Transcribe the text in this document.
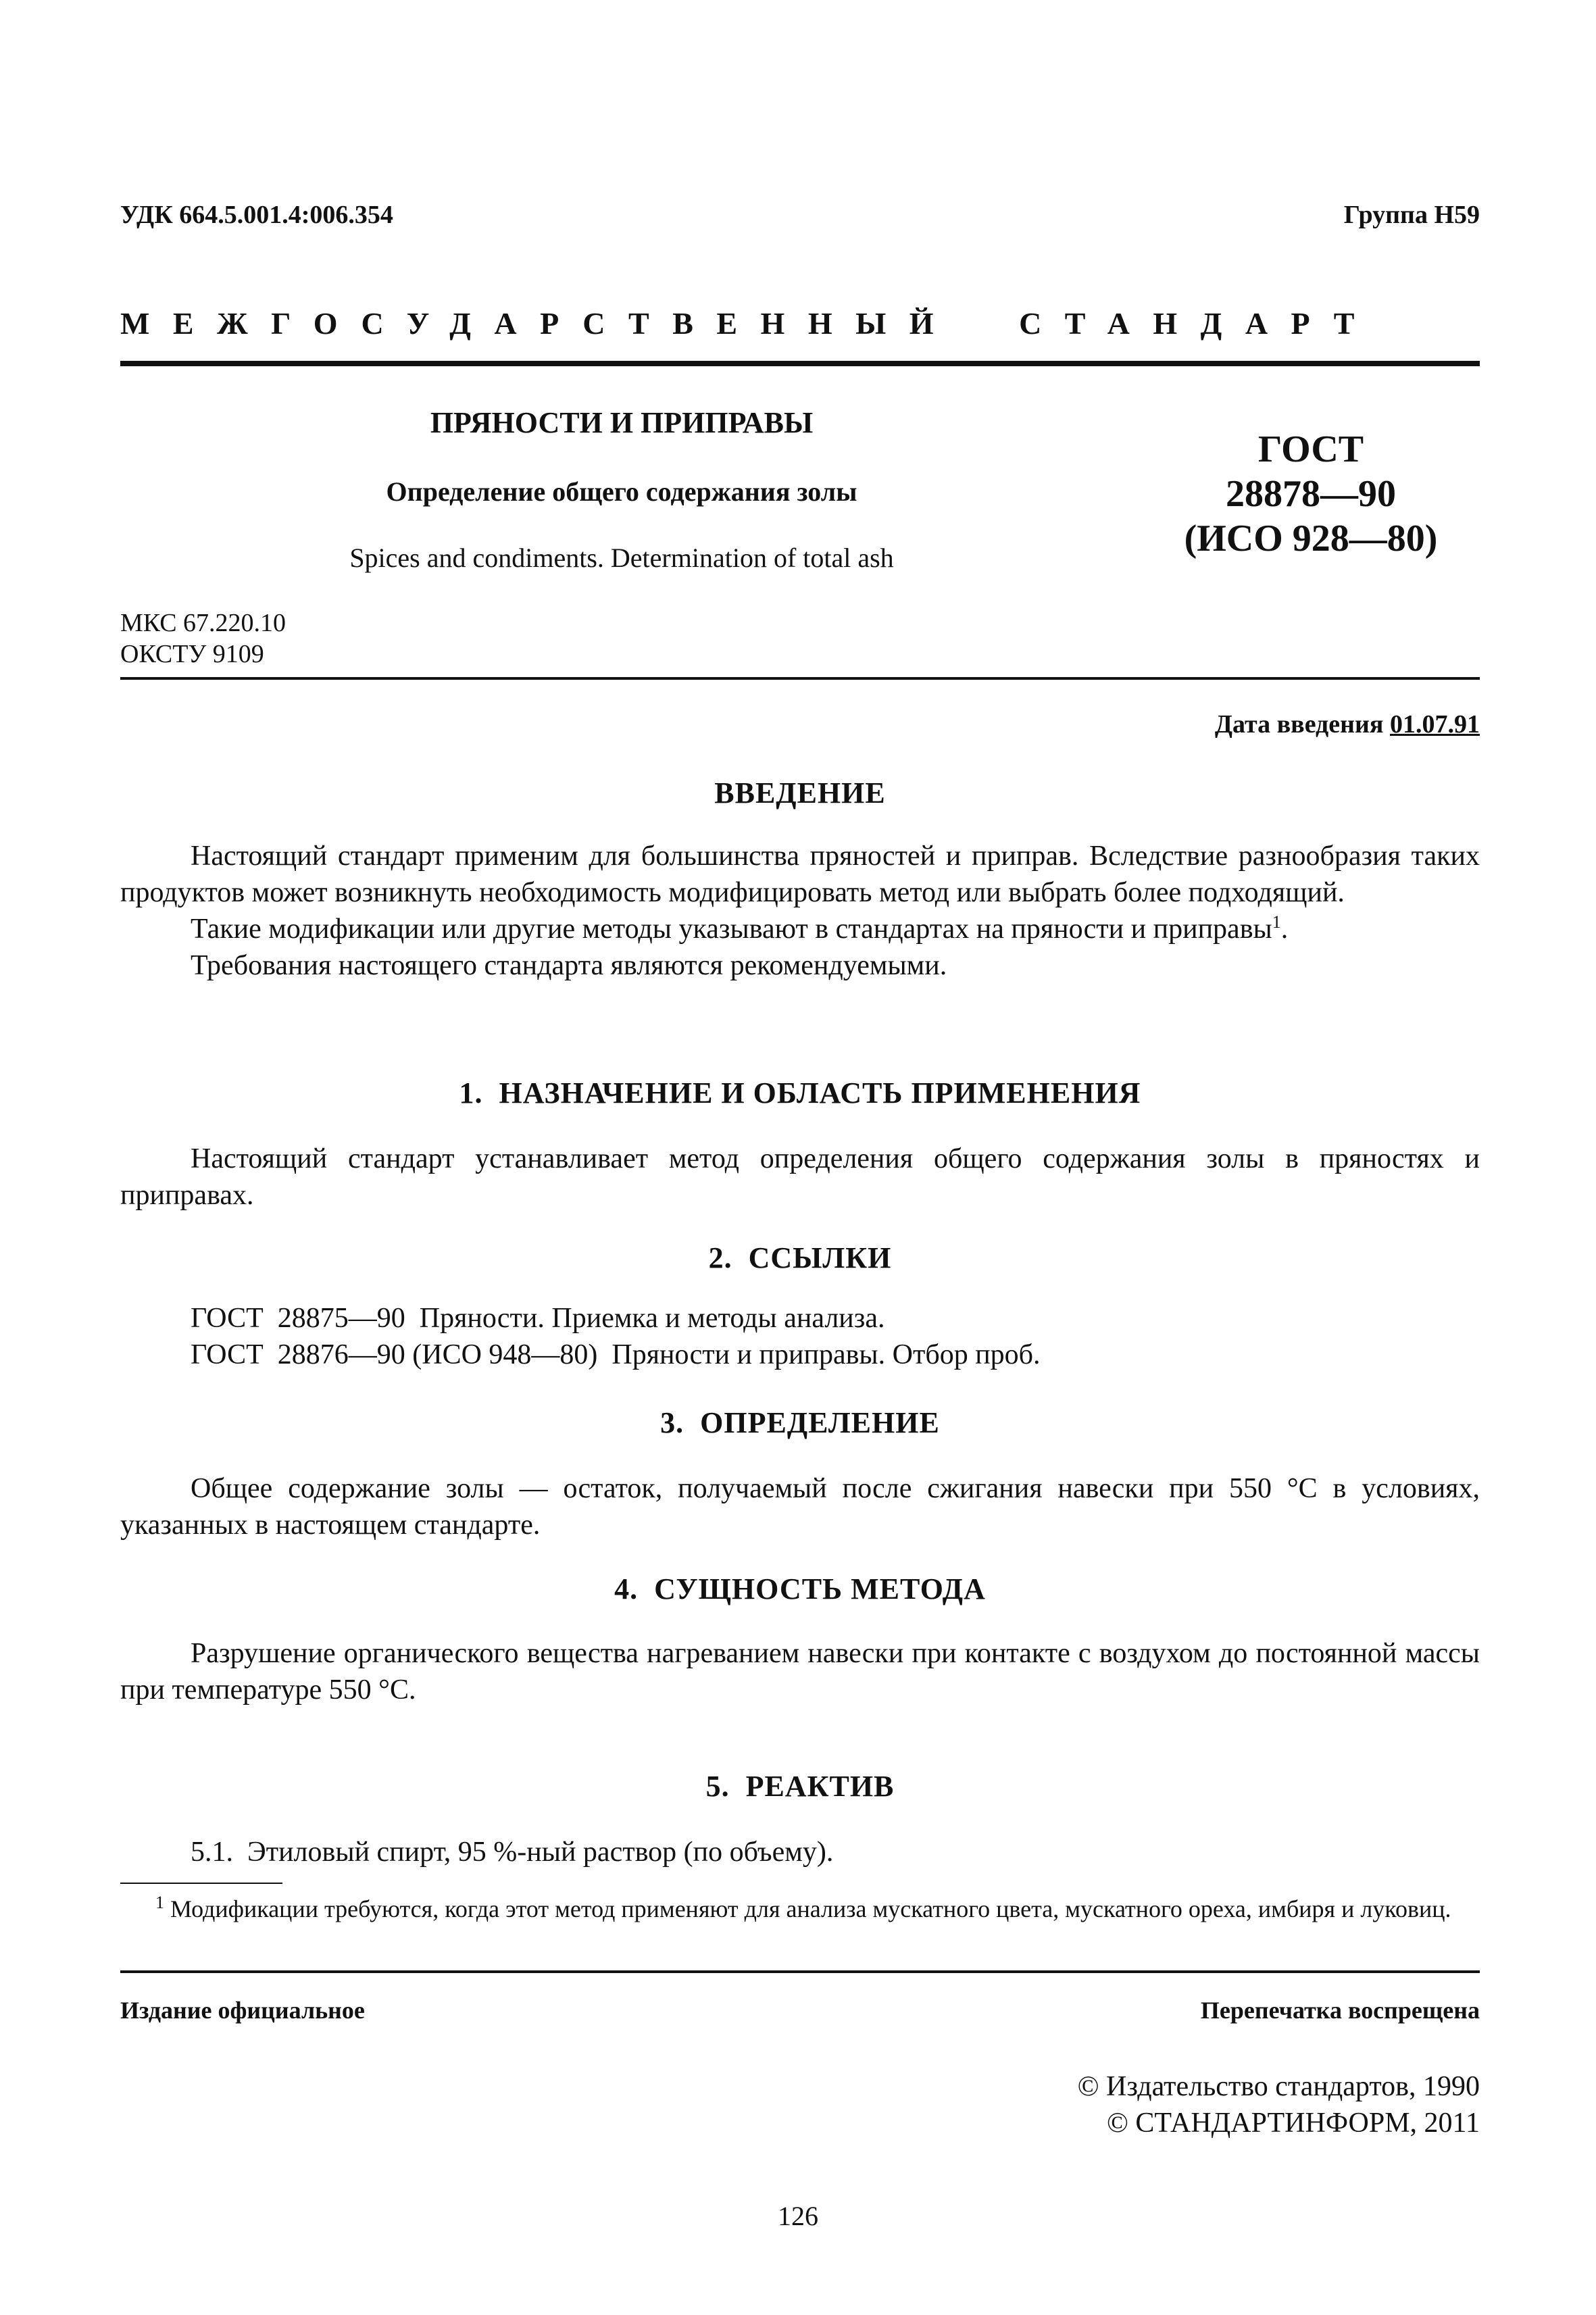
УДК 664.5.001.4:006.354	Группа Н59
МЕЖГОСУДАРСТВЕННЫЙ  СТАНДАРТ
ПРЯНОСТИ И ПРИПРАВЫ
Определение общего содержания золы
Spices and condiments. Determination of total ash
ГОСТ
28878—90
(ИСО 928—80)
МКС 67.220.10
ОКСТУ 9109
Дата введения 01.07.91
ВВЕДЕНИЕ

Настоящий стандарт применим для большинства пряностей и приправ. Вследствие разнообразия таких продуктов может возникнуть необходимость модифицировать метод или выбрать более подходящий.

Такие модификации или другие методы указывают в стандартах на пряности и приправы$^1$.

Требования настоящего стандарта являются рекомендуемыми.

1.  НАЗНАЧЕНИЕ И ОБЛАСТЬ ПРИМЕНЕНИЯ

Настоящий стандарт устанавливает метод определения общего содержания золы в пряностях и приправах.

2.  ССЫЛКИ

ГОСТ  28875—90  Пряности. Приемка и методы анализа.

ГОСТ  28876—90 (ИСО 948—80)  Пряности и приправы. Отбор проб.

3.  ОПРЕДЕЛЕНИЕ

Общее содержание золы — остаток, получаемый после сжигания навески при 550 °С в условиях, указанных в настоящем стандарте.

4.  СУЩНОСТЬ МЕТОДА

Разрушение органического вещества нагреванием навески при контакте с воздухом до постоянной массы при температуре 550 °С.

5.  РЕАКТИВ

5.1.  Этиловый спирт, 95 %-ный раствор (по объему).

$^1$ Модификации требуются, когда этот метод применяют для анализа мускатного цвета, мускатного ореха, имбиря и луковиц.
Издание официальное	Перепечатка воспрещена
© Издательство стандартов, 1990
© СТАНДАРТИНФОРМ, 2011
126
